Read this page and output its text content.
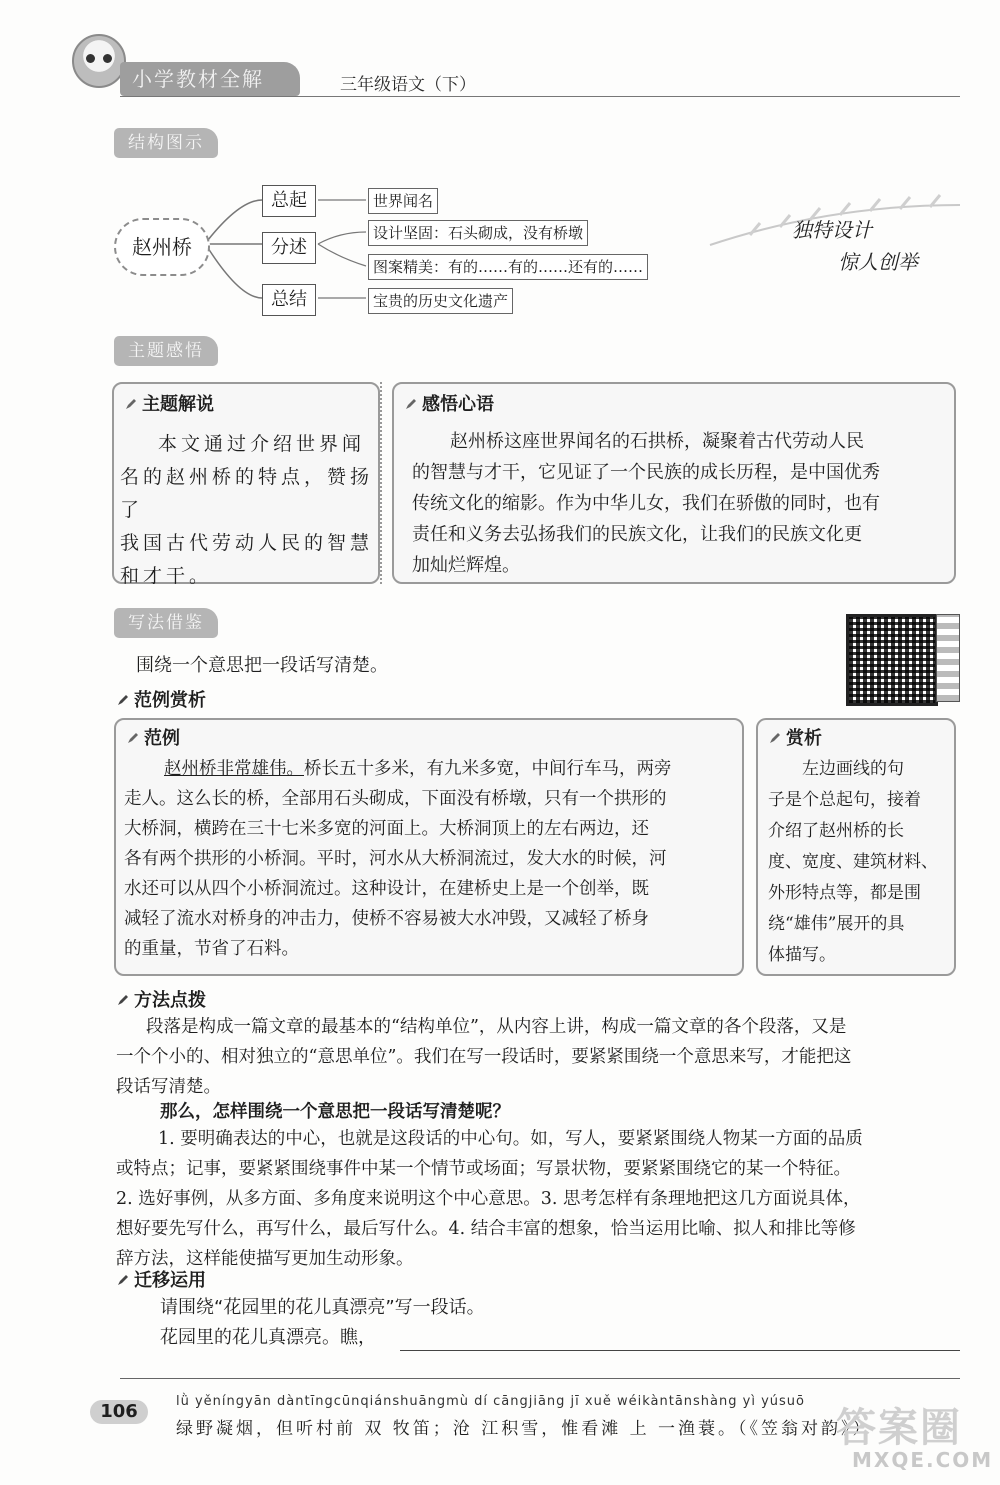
小学教材全解	三年级语文（下）
结构图示
赵州桥
总起
分述
总结
世界闻名
设计坚固：石头砌成，没有桥墩
图案精美：有的……有的……还有的……
宝贵的历史文化遗产
独特设计
惊人创举
主题感悟
主题解说
本文通过介绍世界闻
名的赵州桥的特点，赞扬了
我国古代劳动人民的智慧
和才干。
感悟心语
赵州桥这座世界闻名的石拱桥，凝聚着古代劳动人民
的智慧与才干，它见证了一个民族的成长历程，是中国优秀
传统文化的缩影。作为中华儿女，我们在骄傲的同时，也有
责任和义务去弘扬我们的民族文化，让我们的民族文化更
加灿烂辉煌。
写法借鉴
围绕一个意思把一段话写清楚。
范例赏析
范例
赵州桥非常雄伟。桥长五十多米，有九米多宽，中间行车马，两旁
走人。这么长的桥，全部用石头砌成，下面没有桥墩，只有一个拱形的
大桥洞，横跨在三十七米多宽的河面上。大桥洞顶上的左右两边，还
各有两个拱形的小桥洞。平时，河水从大桥洞流过，发大水的时候，河
水还可以从四个小桥洞流过。这种设计，在建桥史上是一个创举，既
减轻了流水对桥身的冲击力，使桥不容易被大水冲毁，又减轻了桥身
的重量，节省了石料。
赏析
左边画线的句
子是个总起句，接着
介绍了赵州桥的长
度、宽度、建筑材料、
外形特点等，都是围
绕“雄伟”展开的具
体描写。
方法点拨
段落是构成一篇文章的最基本的“结构单位”，从内容上讲，构成一篇文章的各个段落，又是
一个个小的、相对独立的“意思单位”。我们在写一段话时，要紧紧围绕一个意思来写，才能把这
段话写清楚。
那么，怎样围绕一个意思把一段话写清楚呢？
1. 要明确表达的中心，也就是这段话的中心句。如，写人，要紧紧围绕人物某一方面的品质
或特点；记事，要紧紧围绕事件中某一个情节或场面；写景状物，要紧紧围绕它的某一个特征。
2. 选好事例，从多方面、多角度来说明这个中心意思。3. 思考怎样有条理地把这几方面说具体，
想好要先写什么，再写什么，最后写什么。4. 结合丰富的想象，恰当运用比喻、拟人和排比等修
辞方法，这样能使描写更加生动形象。
迁移运用
请围绕“花园里的花儿真漂亮”写一段话。
花园里的花儿真漂亮。瞧，
106	lǜ yěníngyān dàntīngcūnqiánshuāngmù dí cāngjiāng jī xuě wéikàntānshàng yì yúsuō
绿野凝烟，但听村前 双 牧笛；沧 江积雪，惟看滩 上 一渔蓑。（《笠翁对韵》）
答案圈
MXQE.COM
